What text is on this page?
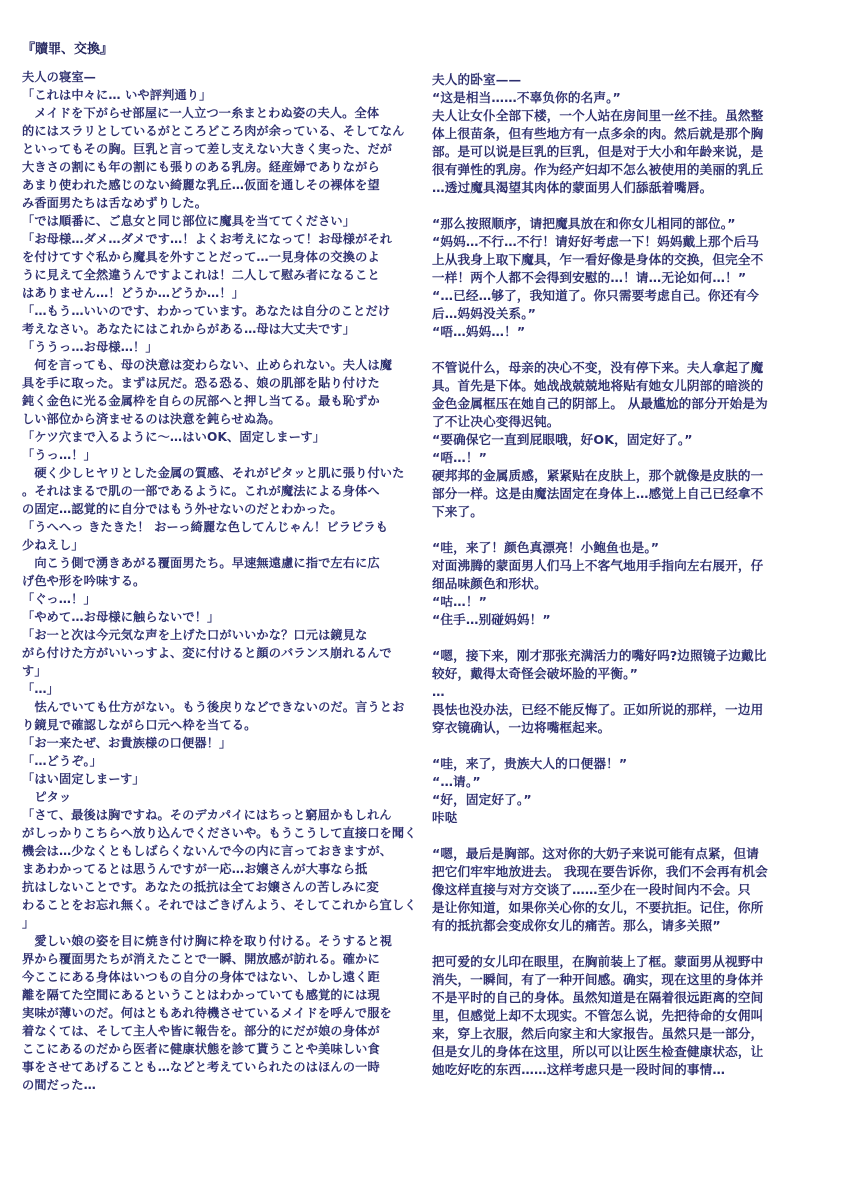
『贖罪、交換』
夫人の寝室—
「これは中々に… いや評判通り」
　メイドを下がらせ部屋に一人立つ一糸まとわぬ姿の夫人。全体
的にはスラリとしているがところどころ肉が余っている、そしてなん
といってもその胸。巨乳と言って差し支えない大きく実った、だが
大きさの割にも年の割にも張りのある乳房。経産婦でありながら
あまり使われた感じのない綺麗な乳丘…仮面を通しその裸体を望
み香面男たちは舌なめずりした。
「では順番に、ご息女と同じ部位に魔具を当ててください」
「お母様…ダメ…ダメです…！よくお考えになって！お母様がそれ
を付けてすぐ私から魔具を外すことだって…一見身体の交換のよ
うに見えて全然違うんですよこれは！二人して慰み者になること
はありません…！どうか…どうか…！」
「…もう…いいのです、わかっています。あなたは自分のことだけ
考えなさい。あなたにはこれからがある…母は大丈夫です」
「ううっ…お母様…！」
　何を言っても、母の決意は変わらない、止められない。夫人は魔
具を手に取った。まずは尻だ。恐る恐る、娘の肌部を貼り付けた
鈍く金色に光る金属枠を自らの尻部へと押し当てる。最も恥ずか
しい部位から済ませるのは決意を鈍らせぬ為。
「ケツ穴まで入るように〜…はいOK、固定しまーす」
「うっ…！」
　硬く少しヒヤリとした金属の質感、それがピタッと肌に張り付いた
。それはまるで肌の一部であるように。これが魔法による身体へ
の固定…認覚的に自分ではもう外せないのだとわかった。
「うへへっ きたきた！ おーっ綺麗な色してんじゃん！ビラビラも
少ねえし」
　向こう側で湧きあがる覆面男たち。早速無遠慮に指で左右に広
げ色や形を吟味する。
「ぐっ…！」
「やめて…お母様に触らないで！」
「お一と次は今元気な声を上げた口がいいかな？口元は鏡見な
がら付けた方がいいっすよ、変に付けると顔のバランス崩れるんで
す」
「…」
　怯んでいても仕方がない。もう後戻りなどできないのだ。言うとお
り鏡見で確認しながら口元へ枠を当てる。
「お一来たぜ、お貴族様の口便器！」
「…どうぞ。」
「はい固定しまーす」
　ピタッ
「さて、最後は胸ですね。そのデカパイにはちっと窮屈かもしれん
がしっかりこちらへ放り込んでくださいや。もうこうして直接口を聞く
機会は…少なくともしばらくないんで今の内に言っておきますが、
まあわかってるとは思うんですが一応…お嬢さんが大事なら抵
抗はしないことです。あなたの抵抗は全てお嬢さんの苦しみに変
わることをお忘れ無く。それではごきげんよう、そしてこれから宜しく
」
　愛しい娘の姿を目に焼き付け胸に枠を取り付ける。そうすると視
界から覆面男たちが消えたことで一瞬、開放感が訪れる。確かに
今ここにある身体はいつもの自分の身体ではない、しかし遠く距
離を隔てた空間にあるということはわかっていても感覚的には現
実味が薄いのだ。何はともあれ待機させているメイドを呼んで服を
着なくては、そして主人や皆に報告を。部分的にだが娘の身体が
ここにあるのだから医者に健康状態を診て貰うことや美味しい食
事をさせてあげることも…などと考えていられたのはほんの一時
の間だった…
夫人的卧室——
“这是相当……不辜负你的名声。”
夫人让女仆全部下楼，一个人站在房间里一丝不挂。虽然整
体上很苗条，但有些地方有一点多余的肉。然后就是那个胸
部。是可以说是巨乳的巨乳，但是对于大小和年龄来说，是
很有弹性的乳房。作为经产妇却不怎么被使用的美丽的乳丘
…透过魔具渴望其肉体的蒙面男人们舔舐着嘴唇。
“那么按照顺序，请把魔具放在和你女儿相同的部位。”
“妈妈…不行…不行！请好好考虑一下！妈妈戴上那个后马
上从我身上取下魔具，乍一看好像是身体的交换，但完全不
一样！两个人都不会得到安慰的…！请…无论如何…！”
“…已经…够了，我知道了。你只需要考虑自己。你还有今
后…妈妈没关系。”
“唔…妈妈…！”
不管说什么，母亲的决心不变，没有停下来。夫人拿起了魔
具。首先是下体。她战战兢兢地将贴有她女儿阴部的暗淡的
金色金属框压在她自己的阴部上。 从最尴尬的部分开始是为
了不让决心变得迟钝。
“要确保它一直到屁眼哦，好OK，固定好了。”
“唔…！”
硬邦邦的金属质感，紧紧贴在皮肤上，那个就像是皮肤的一
部分一样。这是由魔法固定在身体上…感觉上自己已经拿不
下来了。
“哇，来了！颜色真漂亮！小鲍鱼也是。”
对面沸腾的蒙面男人们马上不客气地用手指向左右展开，仔
细品味颜色和形状。
“咕…！”
“住手…别碰妈妈！”
“嗯，接下来，刚才那张充满活力的嘴好吗?边照镜子边戴比
较好，戴得太奇怪会破坏脸的平衡。”
…
畏怯也没办法，已经不能反悔了。正如所说的那样，一边用
穿衣镜确认，一边将嘴框起来。
“哇，来了，贵族大人的口便器！”
“…请。”
“好，固定好了。”
咔哒
“嗯，最后是胸部。这对你的大奶子来说可能有点紧，但请
把它们牢牢地放进去。 我现在要告诉你，我们不会再有机会
像这样直接与对方交谈了……至少在一段时间内不会。只
是让你知道，如果你关心你的女儿，不要抗拒。记住，你所
有的抵抗都会变成你女儿的痛苦。那么，请多关照”
把可爱的女儿印在眼里，在胸前装上了框。蒙面男从视野中
消失，一瞬间，有了一种开间感。确实，现在这里的身体并
不是平时的自己的身体。虽然知道是在隔着很远距离的空间
里，但感觉上却不太现实。不管怎么说，先把待命的女佣叫
来，穿上衣服，然后向家主和大家报告。虽然只是一部分，
但是女儿的身体在这里，所以可以让医生检查健康状态，让
她吃好吃的东西……这样考虑只是一段时间的事情…
